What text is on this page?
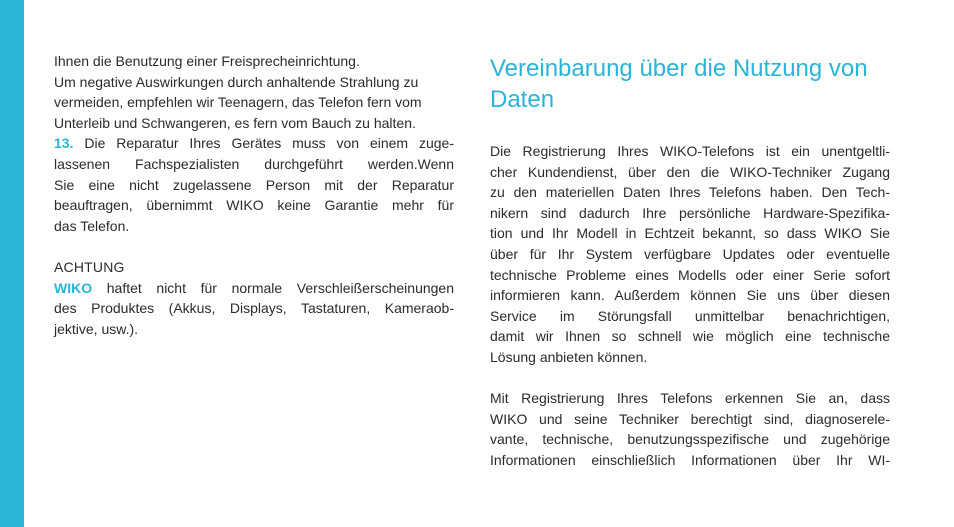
Ihnen die Benutzung einer Freisprecheinrichtung.
Um negative Auswirkungen durch anhaltende Strahlung zu
vermeiden, empfehlen wir Teenagern, das Telefon fern vom
Unterleib und Schwangeren, es fern vom Bauch zu halten.
13. Die Reparatur Ihres Gerätes muss von einem zuge-
lassenen Fachspezialisten durchgeführt werden.Wenn
Sie eine nicht zugelassene Person mit der Reparatur
beauftragen, übernimmt WIKO keine Garantie mehr für
das Telefon.
ACHTUNG
WIKO haftet nicht für normale Verschleißerscheinungen
des Produktes (Akkus, Displays, Tastaturen, Kameraob-
jektive, usw.).
Vereinbarung über die Nutzung von
Daten
Die Registrierung Ihres WIKO-Telefons ist ein unentgeltli-
cher Kundendienst, über den die WIKO-Techniker Zugang
zu den materiellen Daten Ihres Telefons haben. Den Tech-
nikern sind dadurch Ihre persönliche Hardware-Spezifika-
tion und Ihr Modell in Echtzeit bekannt, so dass WIKO Sie
über für Ihr System verfügbare Updates oder eventuelle
technische Probleme eines Modells oder einer Serie sofort
informieren kann. Außerdem können Sie uns über diesen
Service im Störungsfall unmittelbar benachrichtigen,
damit wir Ihnen so schnell wie möglich eine technische
Lösung anbieten können.
Mit Registrierung Ihres Telefons erkennen Sie an, dass
WIKO und seine Techniker berechtigt sind, diagnoserele-
vante, technische, benutzungsspezifische und zugehörige
Informationen einschließlich Informationen über Ihr WI-
